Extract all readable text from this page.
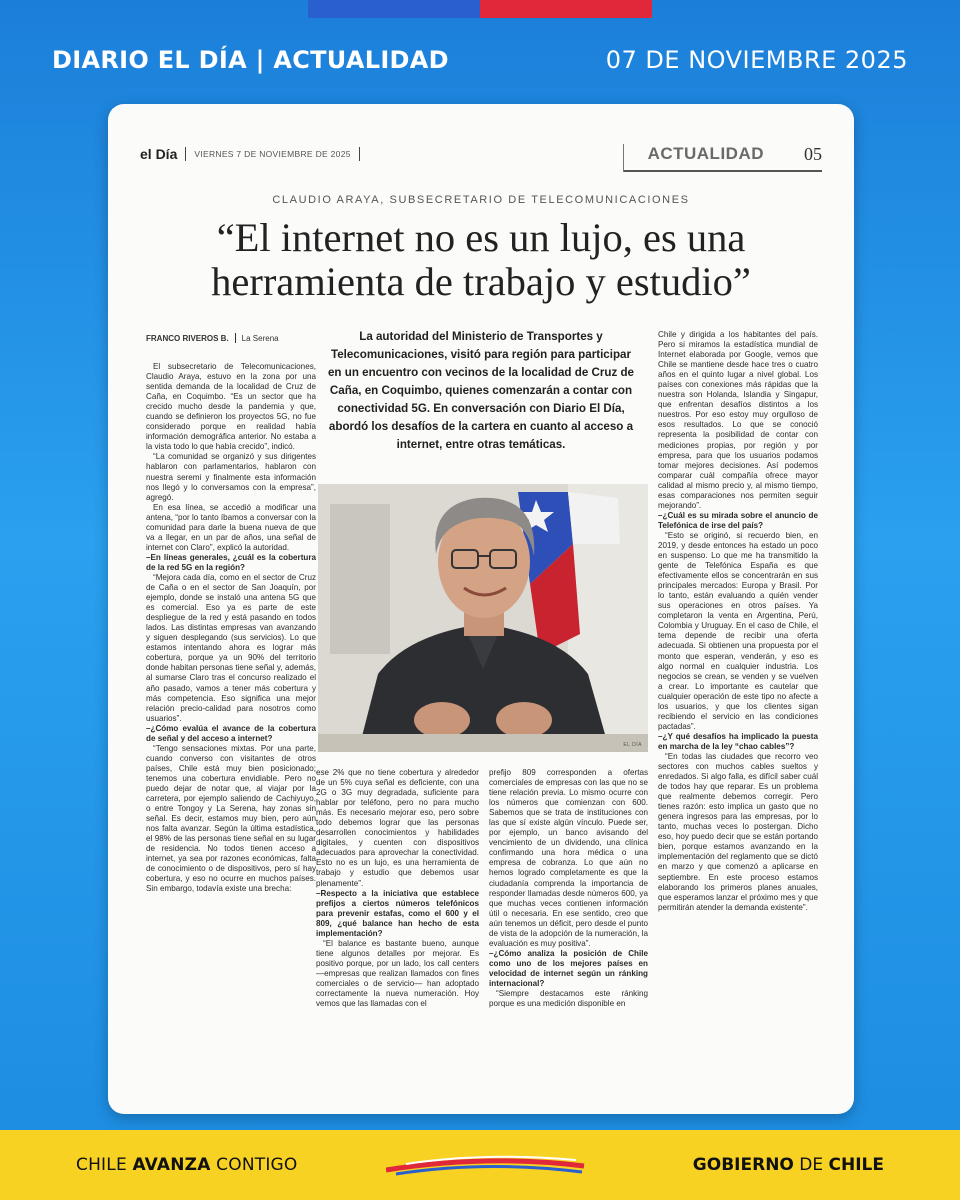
DIARIO EL DÍA | ACTUALIDAD	07 DE NOVIEMBRE 2025
el Día VIERNES 7 DE NOVIEMBRE DE 2025	ACTUALIDAD 05
CLAUDIO ARAYA, SUBSECRETARIO DE TELECOMUNICACIONES
“El internet no es un lujo, es una
herramienta de trabajo y estudio”
FRANCO RIVEROS B. La Serena	La autoridad del Ministerio de Transportes y Telecomunicaciones, visitó para región para participar en un encuentro con vecinos de la localidad de Cruz de Caña, en Coquimbo, quienes comenzarán a contar con conectividad 5G. En conversación con Diario El Día, abordó los desafíos de la cartera en cuanto al acceso a internet, entre otras temáticas.
EL DÍA

El subsecretario de Telecomunicaciones, Claudio Araya, estuvo en la zona por una sentida demanda de la localidad de Cruz de Caña, en Coquimbo. “Es un sector que ha crecido mucho desde la pandemia y que, cuando se definieron los proyectos 5G, no fue considerado porque en realidad había información demográfica anterior. No estaba a la vista todo lo que había crecido”, indicó.

“La comunidad se organizó y sus dirigentes hablaron con parlamentarios, hablaron con nuestra seremi y finalmente esta información nos llegó y lo conversamos con la empresa”, agregó.

En esa línea, se accedió a modificar una antena, “por lo tanto íbamos a conversar con la comunidad para darle la buena nueva de que va a llegar, en un par de años, una señal de internet con Claro”, explicó la autoridad.

–En líneas generales, ¿cuál es la cobertura de la red 5G en la región?

“Mejora cada día, como en el sector de Cruz de Caña o en el sector de San Joaquín, por ejemplo, donde se instaló una antena 5G que es comercial. Eso ya es parte de este despliegue de la red y está pasando en todos lados. Las distintas empresas van avanzando y siguen desplegando (sus servicios). Lo que estamos intentando ahora es lograr más cobertura, porque ya un 90% del territorio donde habitan personas tiene señal y, además, al sumarse Claro tras el concurso realizado el año pasado, vamos a tener más cobertura y más competencia. Eso significa una mejor relación precio-calidad para nosotros como usuarios”.

–¿Cómo evalúa el avance de la cobertura de señal y del acceso a internet?

“Tengo sensaciones mixtas. Por una parte, cuando converso con visitantes de otros países, Chile está muy bien posicionado; tenemos una cobertura envidiable. Pero no puedo dejar de notar que, al viajar por la carretera, por ejemplo saliendo de Cachiyuyo, o entre Tongoy y La Serena, hay zonas sin señal. Es decir, estamos muy bien, pero aún nos falta avanzar. Según la última estadística, el 98% de las personas tiene señal en su lugar de residencia. No todos tienen acceso a internet, ya sea por razones económicas, falta de conocimiento o de dispositivos, pero sí hay cobertura, y eso no ocurre en muchos países. Sin embargo, todavía existe una brecha:

ese 2% que no tiene cobertura y alrededor de un 5% cuya señal es deficiente, con una 2G o 3G muy degradada, suficiente para hablar por teléfono, pero no para mucho más. Es necesario mejorar eso, pero sobre todo debemos lograr que las personas desarrollen conocimientos y habilidades digitales, y cuenten con dispositivos adecuados para aprovechar la conectividad. Esto no es un lujo, es una herramienta de trabajo y estudio que debemos usar plenamente”.

–Respecto a la iniciativa que establece prefijos a ciertos números telefónicos para prevenir estafas, como el 600 y el 809, ¿qué balance han hecho de esta implementación?

“El balance es bastante bueno, aunque tiene algunos detalles por mejorar. Es positivo porque, por un lado, los call centers —empresas que realizan llamados con fines comerciales o de servicio— han adoptado correctamente la nueva numeración. Hoy vemos que las llamadas con el

prefijo 809 corresponden a ofertas comerciales de empresas con las que no se tiene relación previa. Lo mismo ocurre con los números que comienzan con 600. Sabemos que se trata de instituciones con las que sí existe algún vínculo. Puede ser, por ejemplo, un banco avisando del vencimiento de un dividendo, una clínica confirmando una hora médica o una empresa de cobranza. Lo que aún no hemos logrado completamente es que la ciudadanía comprenda la importancia de responder llamadas desde números 600, ya que muchas veces contienen información útil o necesaria. En ese sentido, creo que aún tenemos un déficit, pero desde el punto de vista de la adopción de la numeración, la evaluación es muy positiva”.

–¿Cómo analiza la posición de Chile como uno de los mejores países en velocidad de internet según un ránking internacional?

“Siempre destacamos este ránking porque es una medición disponible en

Chile y dirigida a los habitantes del país. Pero si miramos la estadística mundial de Internet elaborada por Google, vemos que Chile se mantiene desde hace tres o cuatro años en el quinto lugar a nivel global. Los países con conexiones más rápidas que la nuestra son Holanda, Islandia y Singapur, que enfrentan desafíos distintos a los nuestros. Por eso estoy muy orgulloso de esos resultados. Lo que se conoció representa la posibilidad de contar con mediciones propias, por región y por empresa, para que los usuarios podamos tomar mejores decisiones. Así podemos comparar cuál compañía ofrece mayor calidad al mismo precio y, al mismo tiempo, esas comparaciones nos permiten seguir mejorando”.

–¿Cuál es su mirada sobre el anuncio de Telefónica de irse del país?

“Esto se originó, si recuerdo bien, en 2019, y desde entonces ha estado un poco en suspenso. Lo que me ha transmitido la gente de Telefónica España es que efectivamente ellos se concentrarán en sus principales mercados: Europa y Brasil. Por lo tanto, están evaluando a quién vender sus operaciones en otros países. Ya completaron la venta en Argentina, Perú, Colombia y Uruguay. En el caso de Chile, el tema depende de recibir una oferta adecuada. Si obtienen una propuesta por el monto que esperan, venderán, y eso es algo normal en cualquier industria. Los negocios se crean, se venden y se vuelven a crear. Lo importante es cautelar que cualquier operación de este tipo no afecte a los usuarios, y que los clientes sigan recibiendo el servicio en las condiciones pactadas”.

–¿Y qué desafíos ha implicado la puesta en marcha de la ley “chao cables”?

“En todas las ciudades que recorro veo sectores con muchos cables sueltos y enredados. Si algo falla, es difícil saber cuál de todos hay que reparar. Es un problema que realmente debemos corregir. Pero tienes razón: esto implica un gasto que no genera ingresos para las empresas, por lo tanto, muchas veces lo postergan. Dicho eso, hoy puedo decir que se están portando bien, porque estamos avanzando en la implementación del reglamento que se dictó en marzo y que comenzó a aplicarse en septiembre. En este proceso estamos elaborando los primeros planes anuales, que esperamos lanzar el próximo mes y que permitirán atender la demanda existente”.

CHILE AVANZA CONTIGO	GOBIERNO DE CHILE
